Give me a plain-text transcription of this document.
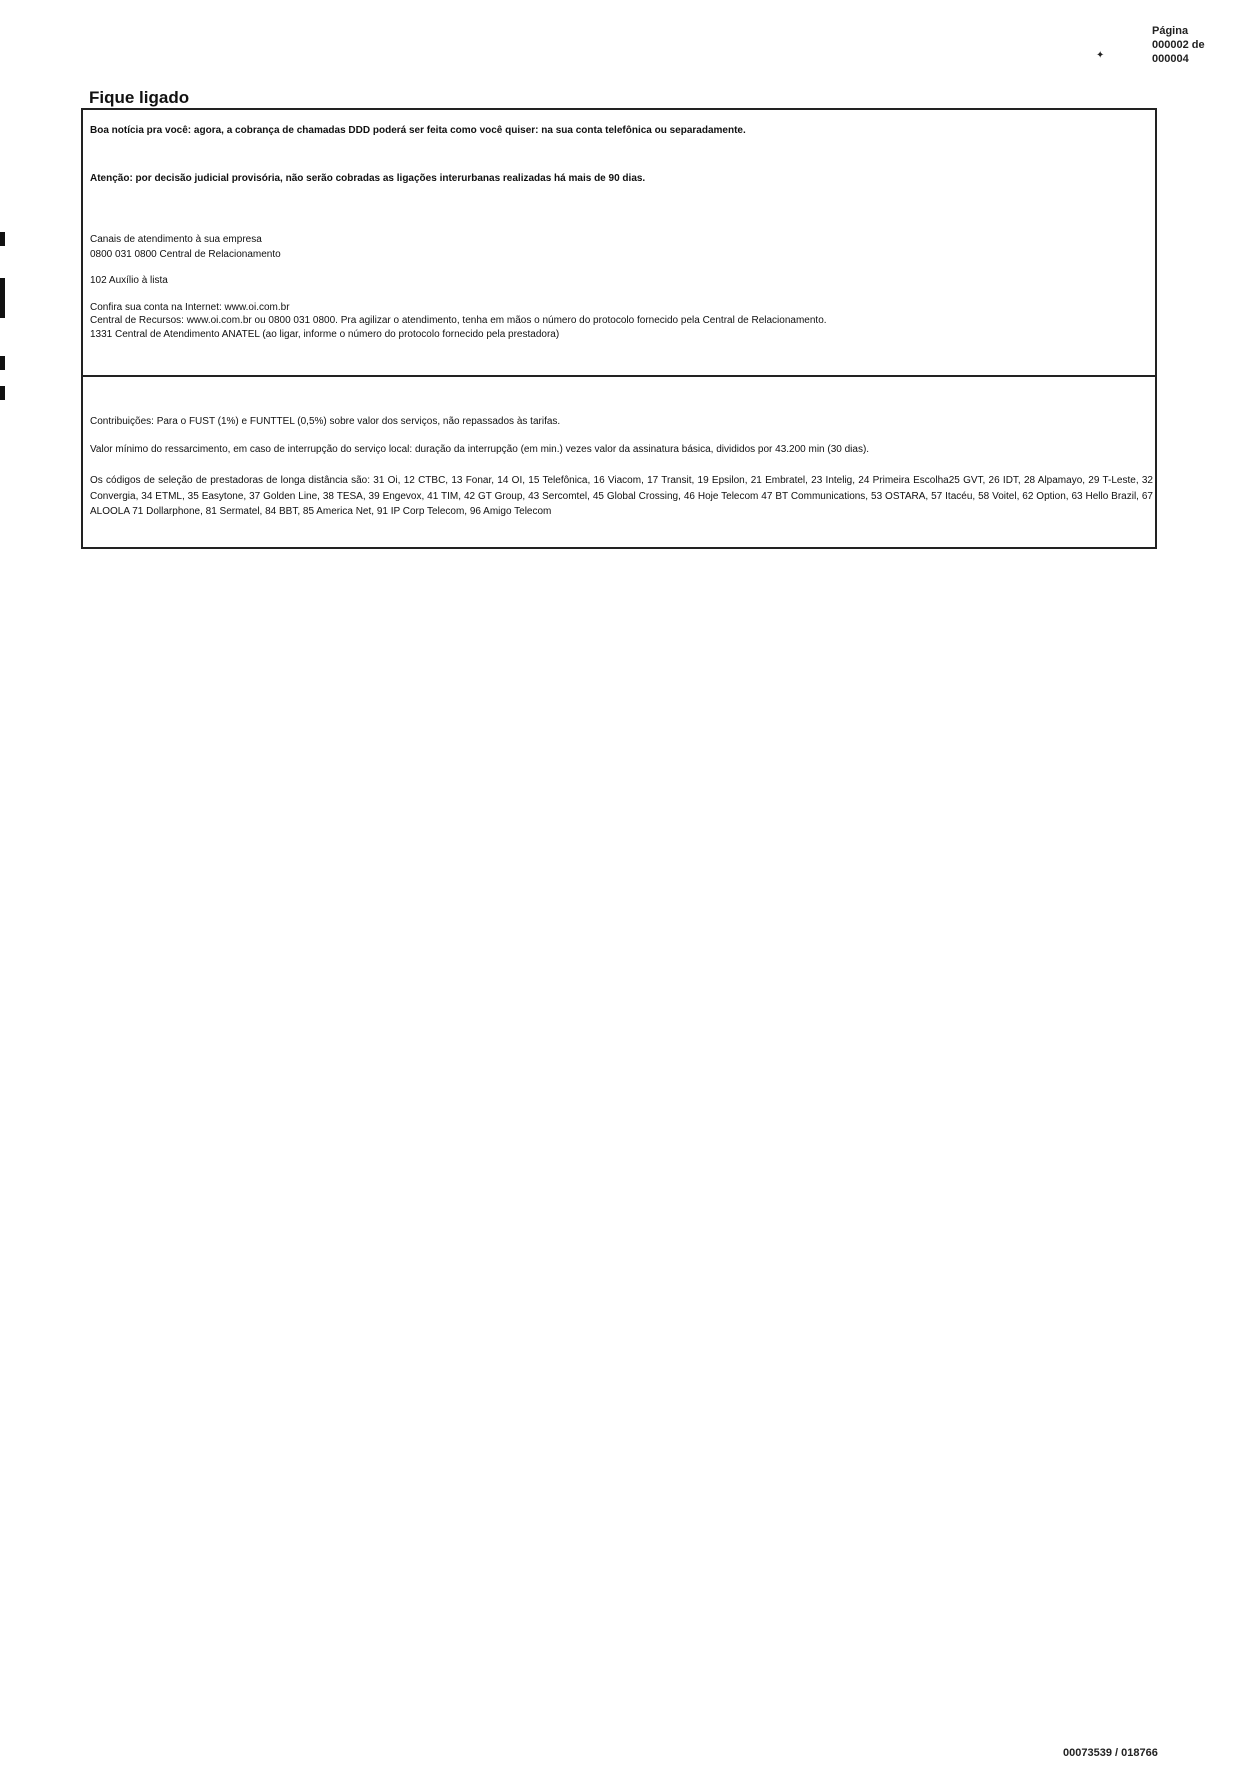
Página
000002 de
000004
✦
Fique ligado
Boa notícia pra você: agora, a cobrança de chamadas DDD poderá ser feita como você quiser: na sua conta telefônica ou separadamente.
Atenção: por decisão judicial provisória, não serão cobradas as ligações interurbanas realizadas há mais de 90 dias.
Canais de atendimento à sua empresa
0800 031 0800 Central de Relacionamento
102 Auxílio à lista
Confira sua conta na Internet: www.oi.com.br
Central de Recursos: www.oi.com.br ou 0800 031 0800. Pra agilizar o atendimento, tenha em mãos o número do protocolo fornecido pela Central de Relacionamento.
1331 Central de Atendimento ANATEL (ao ligar, informe o número do protocolo fornecido pela prestadora)
Contribuições: Para o FUST (1%) e FUNTTEL (0,5%) sobre valor dos serviços, não repassados às tarifas.
Valor mínimo do ressarcimento, em caso de interrupção do serviço local: duração da interrupção (em min.) vezes valor da assinatura básica, divididos por 43.200 min (30 dias).
Os códigos de seleção de prestadoras de longa distância são: 31 Oi, 12 CTBC, 13 Fonar, 14 OI, 15 Telefônica, 16 Viacom, 17 Transit, 19 Epsilon, 21 Embratel, 23 Intelig, 24 Primeira Escolha25 GVT, 26 IDT, 28 Alpamayo, 29 T-Leste, 32 Convergia, 34 ETML, 35 Easytone, 37 Golden Line, 38 TESA, 39 Engevox, 41 TIM, 42 GT Group, 43 Sercomtel, 45 Global Crossing, 46 Hoje Telecom 47 BT Communications, 53 OSTARA, 57 Itacéu, 58 Voitel, 62 Option, 63 Hello Brazil, 67 ALOOLA 71 Dollarphone, 81 Sermatel, 84 BBT, 85 America Net, 91 IP Corp Telecom, 96 Amigo Telecom
00073539 / 018766
